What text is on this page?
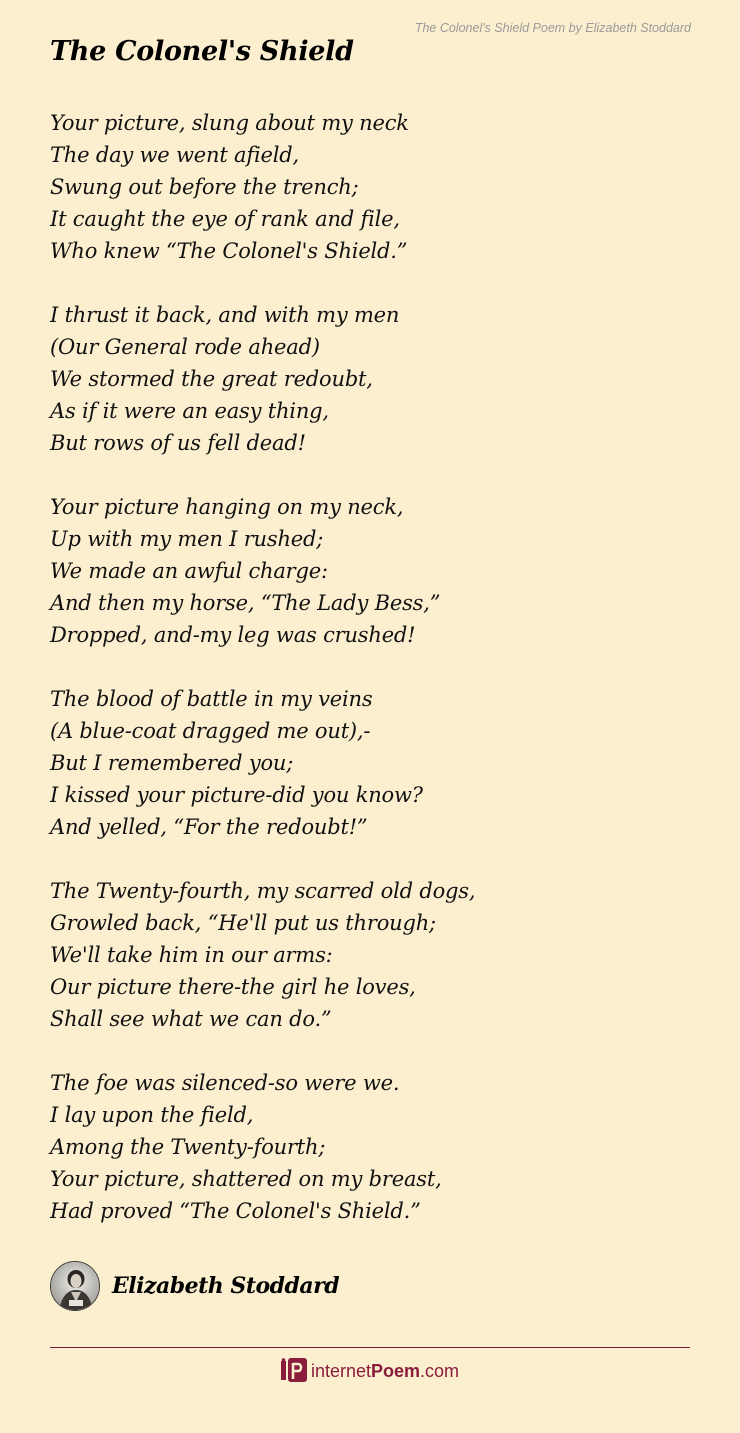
The Colonel's Shield Poem by Elizabeth Stoddard
The Colonel's Shield
Your picture, slung about my neck
The day we went afield,
Swung out before the trench;
It caught the eye of rank and file,
Who knew “The Colonel's Shield.”
I thrust it back, and with my men
(Our General rode ahead)
We stormed the great redoubt,
As if it were an easy thing,
But rows of us fell dead!
Your picture hanging on my neck,
Up with my men I rushed;
We made an awful charge:
And then my horse, “The Lady Bess,”
Dropped, and-my leg was crushed!
The blood of battle in my veins
(A blue-coat dragged me out),-
But I remembered you;
I kissed your picture-did you know?
And yelled, “For the redoubt!”
The Twenty-fourth, my scarred old dogs,
Growled back, “He'll put us through;
We'll take him in our arms:
Our picture there-the girl he loves,
Shall see what we can do.”
The foe was silenced-so were we.
I lay upon the field,
Among the Twenty-fourth;
Your picture, shattered on my breast,
Had proved “The Colonel's Shield.”
Elizabeth Stoddard
internetPoem.com
